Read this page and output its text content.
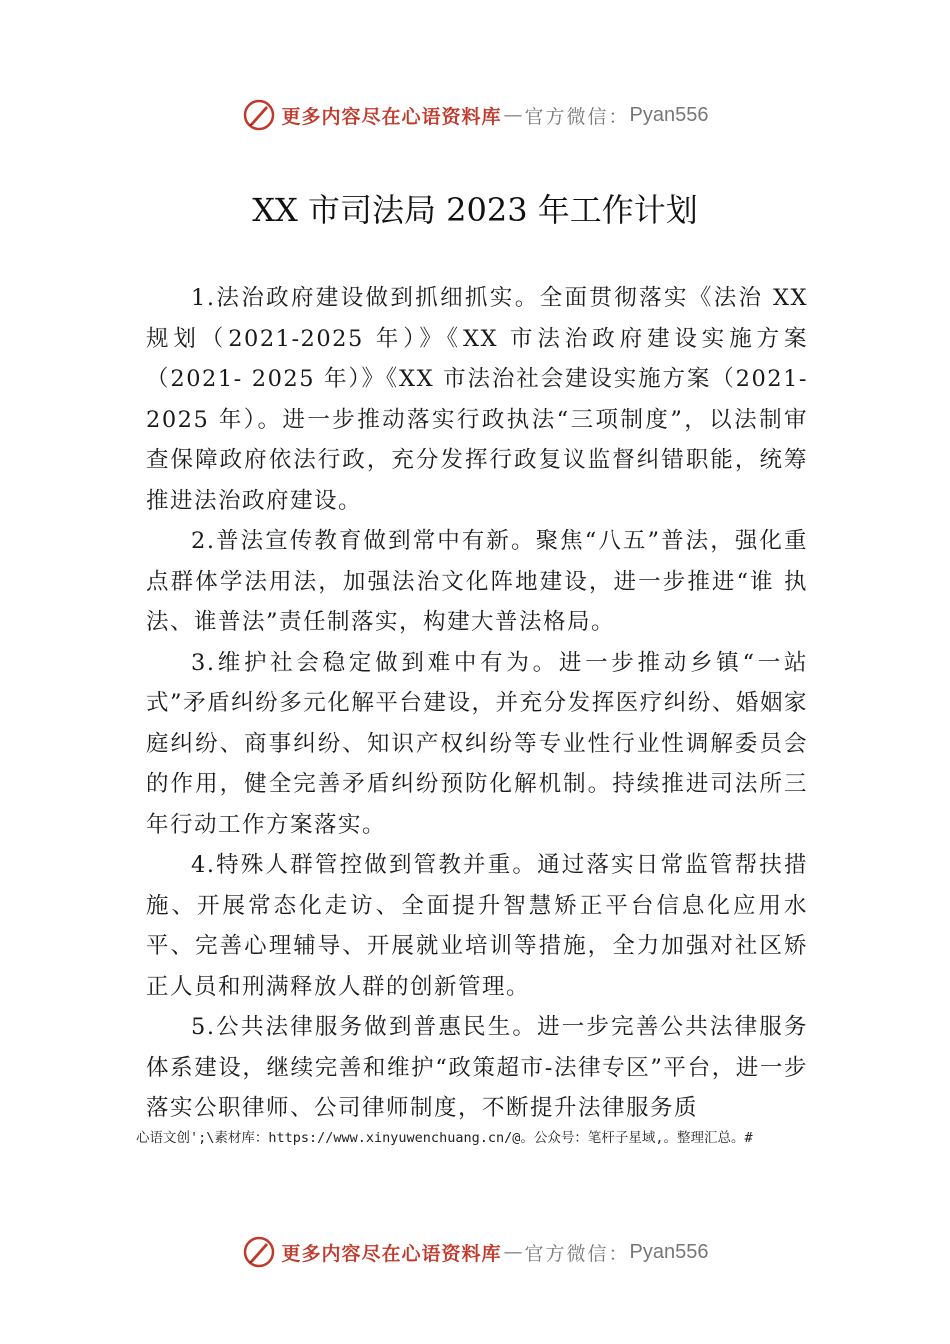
更多内容尽在心语资料库 — 官方微信： Pyan556
XX 市司法局 2023 年工作计划

1.法治政府建设做到抓细抓实。全面贯彻落实《法治 XX 规划（2021-2025 年）》《XX 市法治政府建设实施方案（2021- 2025 年）》《XX 市法治社会建设实施方案（2021-2025 年）。进一步推动落实行政执法“三项制度”，以法制审查保障政府依法行政，充分发挥行政复议监督纠错职能，统筹推进法治政府建设。

2.普法宣传教育做到常中有新。聚焦“八五”普法，强化重点群体学法用法，加强法治文化阵地建设，进一步推进“谁 执法、谁普法”责任制落实，构建大普法格局。

3.维护社会稳定做到难中有为。进一步推动乡镇“一站式”矛盾纠纷多元化解平台建设，并充分发挥医疗纠纷、婚姻家庭纠纷、商事纠纷、知识产权纠纷等专业性行业性调解委员会的作用，健全完善矛盾纠纷预防化解机制。持续推进司法所三年行动工作方案落实。

4.特殊人群管控做到管教并重。通过落实日常监管帮扶措施、开展常态化走访、全面提升智慧矫正平台信息化应用水平、完善心理辅导、开展就业培训等措施，全力加强对社区矫正人员和刑满释放人群的创新管理。

5.公共法律服务做到普惠民生。进一步完善公共法律服务体系建设，继续完善和维护“政策超市-法律专区”平台，进一步落实公职律师、公司律师制度，不断提升法律服务质

心语文创';\素材库：https://www.xinyuwenchuang.cn/@。公众号：笔杆子星域,。整理汇总。#
更多内容尽在心语资料库 — 官方微信： Pyan556
